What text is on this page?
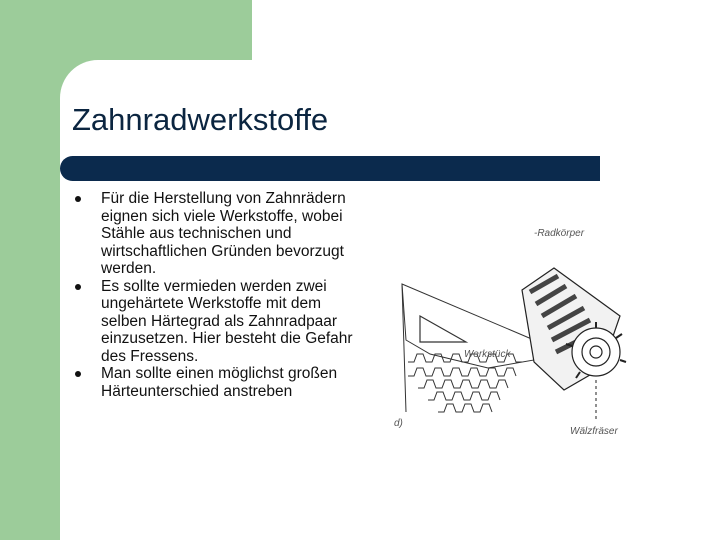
Zahnradwerkstoffe
Für die Herstellung von Zahnrädern eignen sich viele Werkstoffe, wobei Stähle aus technischen und wirtschaftlichen Gründen bevorzugt werden.
Es sollte vermieden werden zwei ungehärtete Werkstoffe mit dem selben Härtegrad als Zahnradpaar einzusetzen. Hier besteht die Gefahr des Fressens.
Man sollte einen möglichst großen Härteunterschied anstreben
-Radkörper
Werkstück
d)
Wälzfräser
